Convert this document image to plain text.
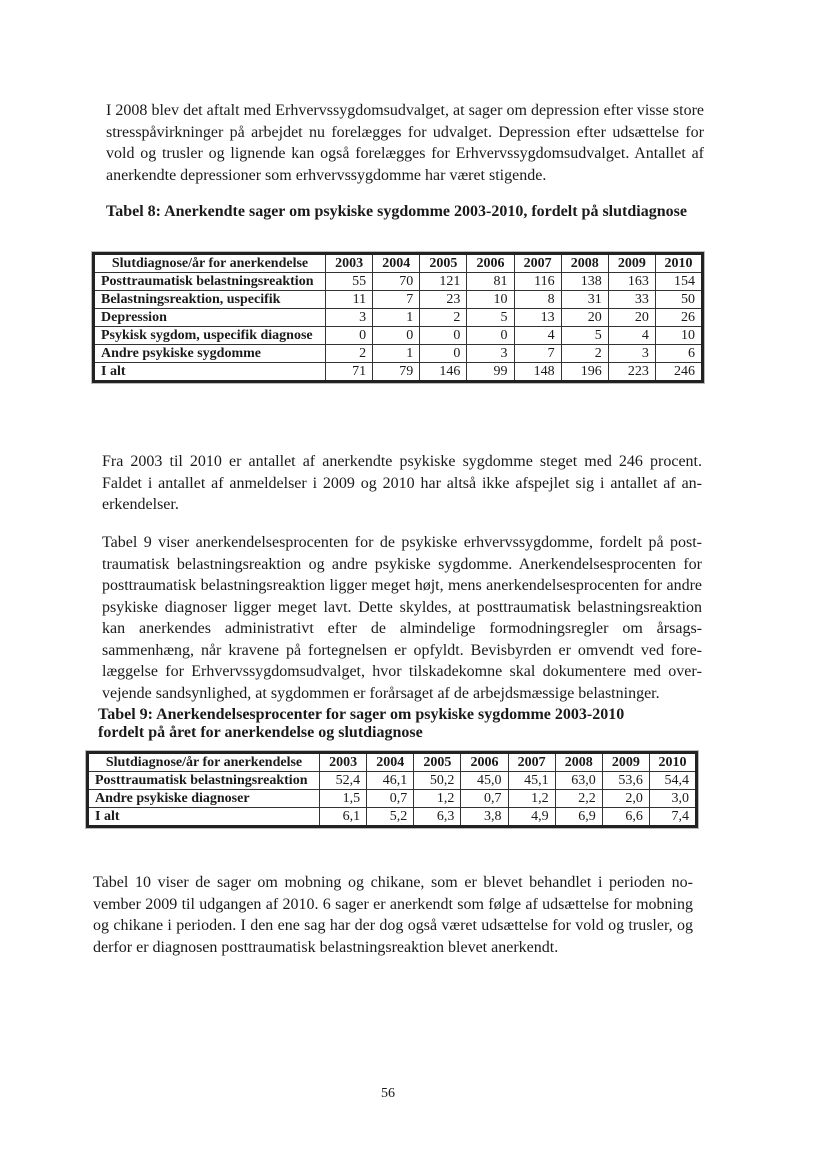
I 2008 blev det aftalt med Erhvervssygdomsudvalget, at sager om depression efter visse store stresspåvirkninger på arbejdet nu forelægges for udvalget. Depression efter udsættelse for vold og trusler og lignende kan også forelægges for Erhvervssygdomsudvalget. Antallet af anerkendte depressioner som erhvervssygdomme har været stigende.

Tabel 8: Anerkendte sager om psykiske sygdomme 2003-2010, fordelt på slutdiagnose

Slutdiagnose/år for anerkendelse	2003	2004	2005	2006	2007	2008	2009	2010
Posttraumatisk belastningsreaktion	55	70	121	81	116	138	163	154
Belastningsreaktion, uspecifik	11	7	23	10	8	31	33	50
Depression	3	1	2	5	13	20	20	26
Psykisk sygdom, uspecifik diagnose	0	0	0	0	4	5	4	10
Andre psykiske sygdomme	2	1	0	3	7	2	3	6
I alt	71	79	146	99	148	196	223	246

Fra 2003 til 2010 er antallet af anerkendte psykiske sygdomme steget med 246 procent. Faldet i antallet af anmeldelser i 2009 og 2010 har altså ikke afspejlet sig i antallet af anerkendelser.

Tabel 9 viser anerkendelsesprocenten for de psykiske erhvervssygdomme, fordelt på posttraumatisk belastningsreaktion og andre psykiske sygdomme. Anerkendelsesprocenten for posttraumatisk belastningsreaktion ligger meget højt, mens anerkendelsesprocenten for andre psykiske diagnoser ligger meget lavt. Dette skyldes, at posttraumatisk belastningsreaktion kan anerkendes administrativt efter de almindelige formodningsregler om årsagssammenhæng, når kravene på fortegnelsen er opfyldt. Bevisbyrden er omvendt ved forelæggelse for Erhvervssygdomsudvalget, hvor tilskadekomne skal dokumentere med overvejende sandsynlighed, at sygdommen er forårsaget af de arbejdsmæssige belastninger.

Tabel 9: Anerkendelsesprocenter for sager om psykiske sygdomme 2003-2010 fordelt på året for anerkendelse og slutdiagnose

Slutdiagnose/år for anerkendelse	2003	2004	2005	2006	2007	2008	2009	2010
Posttraumatisk belastningsreaktion	52,4	46,1	50,2	45,0	45,1	63,0	53,6	54,4
Andre psykiske diagnoser	1,5	0,7	1,2	0,7	1,2	2,2	2,0	3,0
I alt	6,1	5,2	6,3	3,8	4,9	6,9	6,6	7,4

Tabel 10 viser de sager om mobning og chikane, som er blevet behandlet i perioden november 2009 til udgangen af 2010. 6 sager er anerkendt som følge af udsættelse for mobning og chikane i perioden. I den ene sag har der dog også været udsættelse for vold og trusler, og derfor er diagnosen posttraumatisk belastningsreaktion blevet anerkendt.

56
